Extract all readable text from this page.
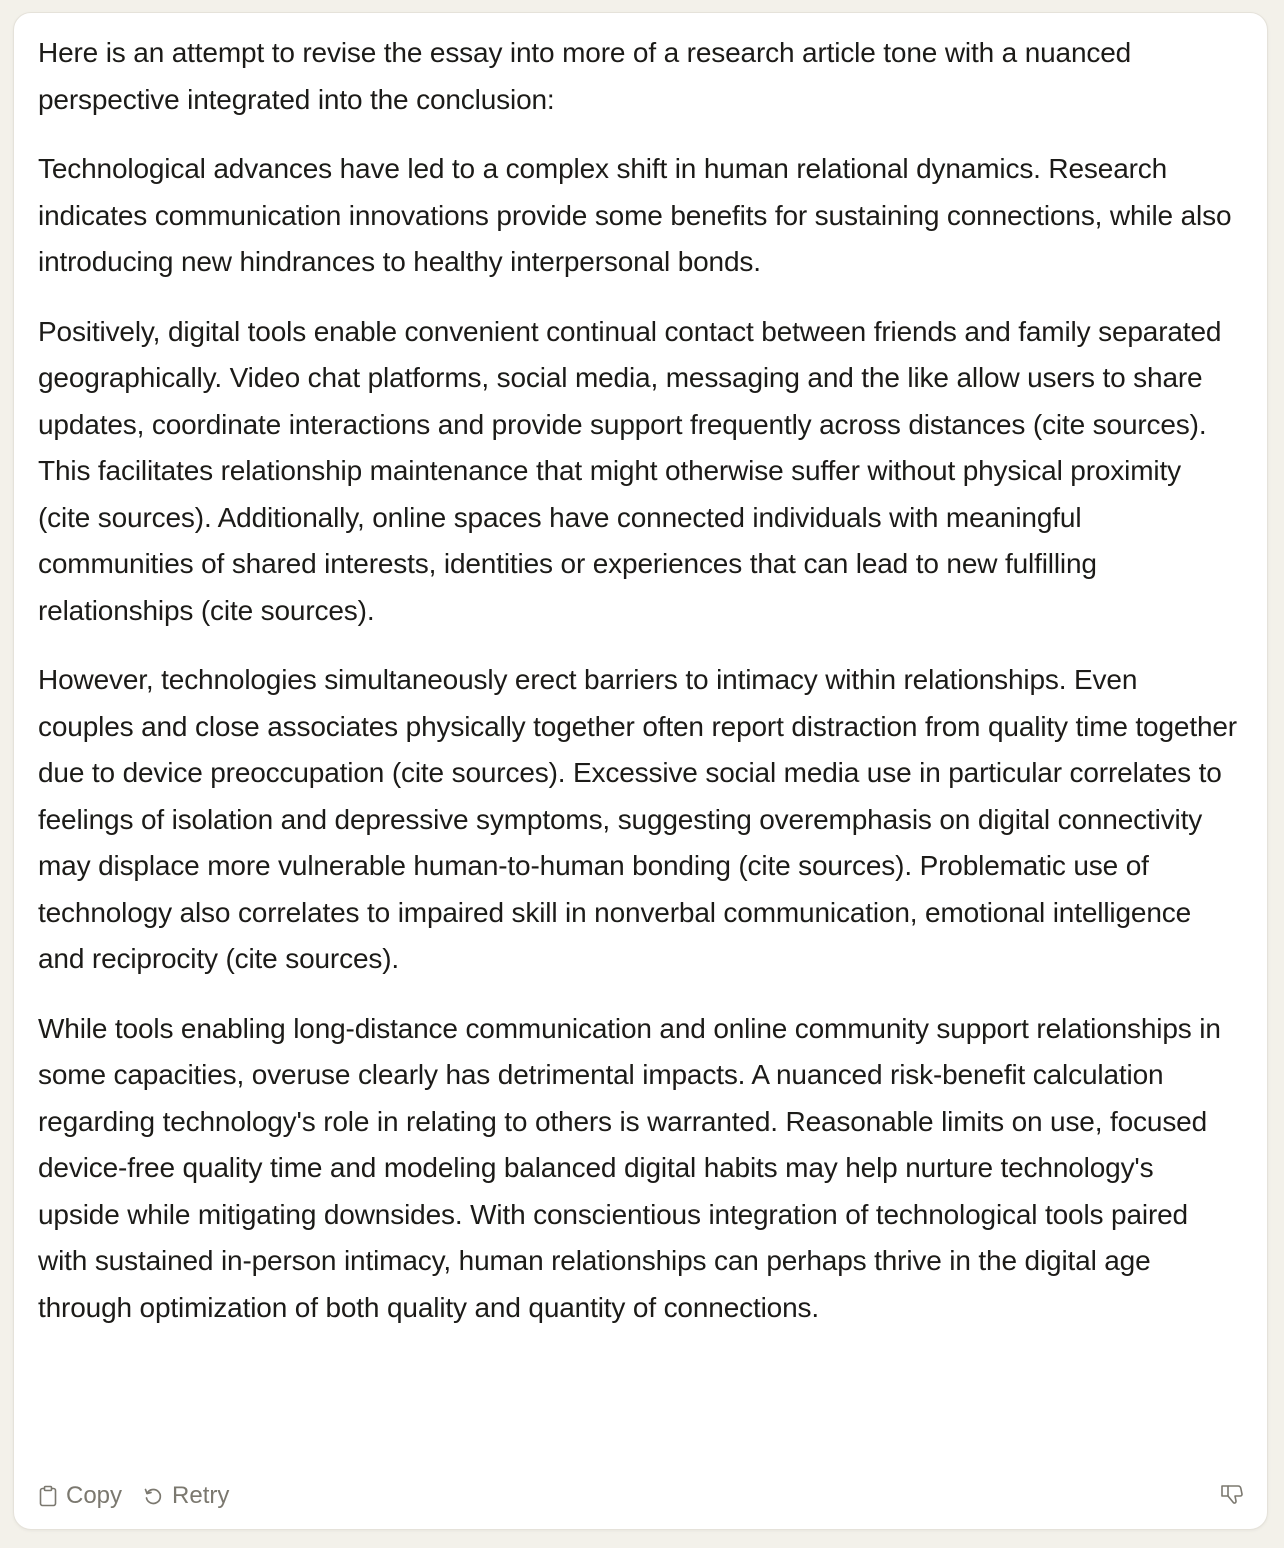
Here is an attempt to revise the essay into more of a research article tone with a nuanced perspective integrated into the conclusion:

Technological advances have led to a complex shift in human relational dynamics. Research indicates communication innovations provide some benefits for sustaining connections, while also introducing new hindrances to healthy interpersonal bonds.

Positively, digital tools enable convenient continual contact between friends and family separated geographically. Video chat platforms, social media, messaging and the like allow users to share updates, coordinate interactions and provide support frequently across distances (cite sources). This facilitates relationship maintenance that might otherwise suffer without physical proximity (cite sources). Additionally, online spaces have connected individuals with meaningful communities of shared interests, identities or experiences that can lead to new fulfilling relationships (cite sources).

However, technologies simultaneously erect barriers to intimacy within relationships. Even couples and close associates physically together often report distraction from quality time together due to device preoccupation (cite sources). Excessive social media use in particular correlates to feelings of isolation and depressive symptoms, suggesting overemphasis on digital connectivity may displace more vulnerable human-to-human bonding (cite sources). Problematic use of technology also correlates to impaired skill in nonverbal communication, emotional intelligence and reciprocity (cite sources).

While tools enabling long-distance communication and online community support relationships in some capacities, overuse clearly has detrimental impacts. A nuanced risk-benefit calculation regarding technology's role in relating to others is warranted. Reasonable limits on use, focused device-free quality time and modeling balanced digital habits may help nurture technology's upside while mitigating downsides. With conscientious integration of technological tools paired with sustained in-person intimacy, human relationships can perhaps thrive in the digital age through optimization of both quality and quantity of connections.

Copy Retry
